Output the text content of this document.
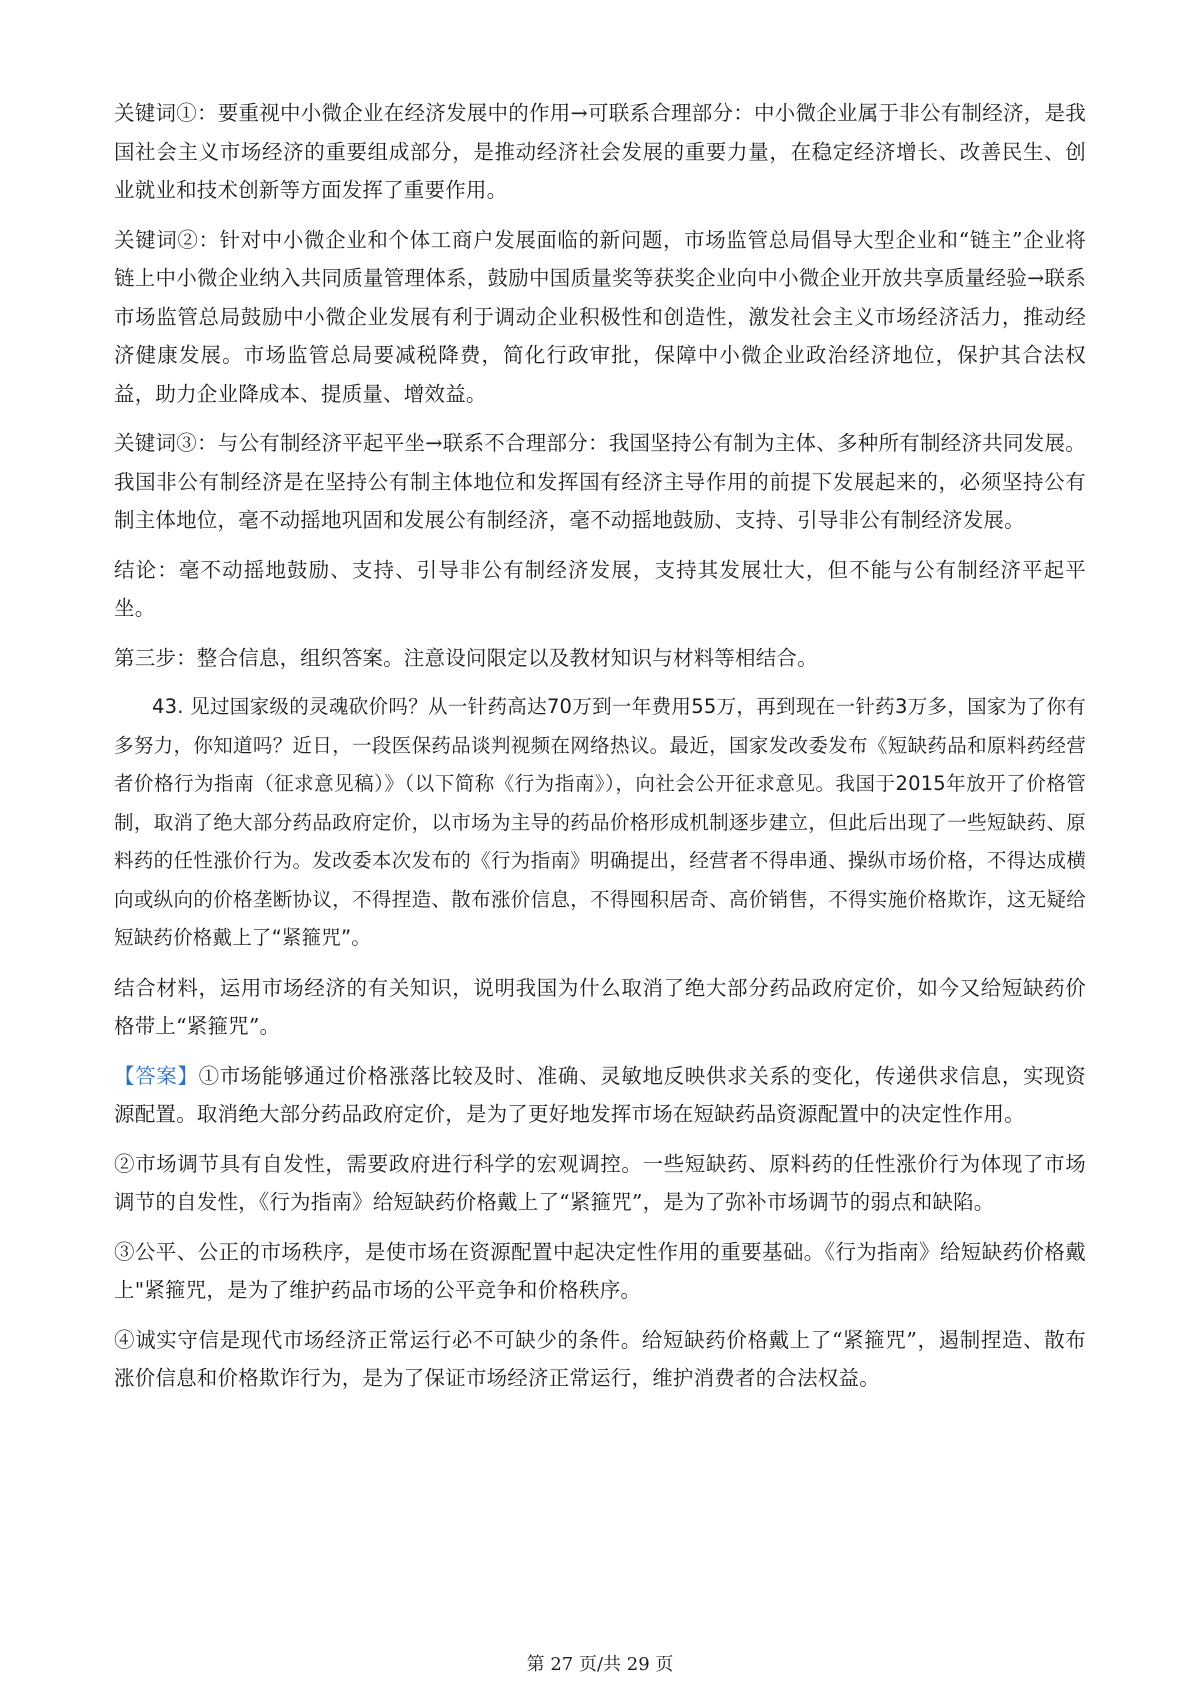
关键词①：要重视中小微企业在经济发展中的作用→可联系合理部分：中小微企业属于非公有制经济，是我国社会主义市场经济的重要组成部分，是推动经济社会发展的重要力量，在稳定经济增长、改善民生、创业就业和技术创新等方面发挥了重要作用。

关键词②：针对中小微企业和个体工商户发展面临的新问题，市场监管总局倡导大型企业和“链主”企业将链上中小微企业纳入共同质量管理体系，鼓励中国质量奖等获奖企业向中小微企业开放共享质量经验→联系市场监管总局鼓励中小微企业发展有利于调动企业积极性和创造性，激发社会主义市场经济活力，推动经济健康发展。市场监管总局要减税降费，简化行政审批，保障中小微企业政治经济地位，保护其合法权益，助力企业降成本、提质量、增效益。

关键词③：与公有制经济平起平坐→联系不合理部分：我国坚持公有制为主体、多种所有制经济共同发展。我国非公有制经济是在坚持公有制主体地位和发挥国有经济主导作用的前提下发展起来的，必须坚持公有制主体地位，毫不动摇地巩固和发展公有制经济，毫不动摇地鼓励、支持、引导非公有制经济发展。

结论：毫不动摇地鼓励、支持、引导非公有制经济发展，支持其发展壮大，但不能与公有制经济平起平坐。

第三步：整合信息，组织答案。注意设问限定以及教材知识与材料等相结合。

43. 见过国家级的灵魂砍价吗？从一针药高达70万到一年费用55万，再到现在一针药3万多，国家为了你有多努力，你知道吗？近日，一段医保药品谈判视频在网络热议。最近，国家发改委发布《短缺药品和原料药经营者价格行为指南（征求意见稿）》（以下简称《行为指南》），向社会公开征求意见。我国于2015年放开了价格管制，取消了绝大部分药品政府定价，以市场为主导的药品价格形成机制逐步建立，但此后出现了一些短缺药、原料药的任性涨价行为。发改委本次发布的《行为指南》明确提出，经营者不得串通、操纵市场价格，不得达成横向或纵向的价格垄断协议，不得捏造、散布涨价信息，不得囤积居奇、高价销售，不得实施价格欺诈，这无疑给短缺药价格戴上了“紧箍咒”。

结合材料，运用市场经济的有关知识，说明我国为什么取消了绝大部分药品政府定价，如今又给短缺药价格带上“紧箍咒”。

【答案】①市场能够通过价格涨落比较及时、准确、灵敏地反映供求关系的变化，传递供求信息，实现资源配置。取消绝大部分药品政府定价，是为了更好地发挥市场在短缺药品资源配置中的决定性作用。

②市场调节具有自发性，需要政府进行科学的宏观调控。一些短缺药、原料药的任性涨价行为体现了市场调节的自发性，《行为指南》给短缺药价格戴上了“紧箍咒”，是为了弥补市场调节的弱点和缺陷。

③公平、公正的市场秩序，是使市场在资源配置中起决定性作用的重要基础。《行为指南》给短缺药价格戴上"紧箍咒，是为了维护药品市场的公平竞争和价格秩序。

④诚实守信是现代市场经济正常运行必不可缺少的条件。给短缺药价格戴上了“紧箍咒”，遏制捏造、散布涨价信息和价格欺诈行为，是为了保证市场经济正常运行，维护消费者的合法权益。

第 27 页/共 29 页
